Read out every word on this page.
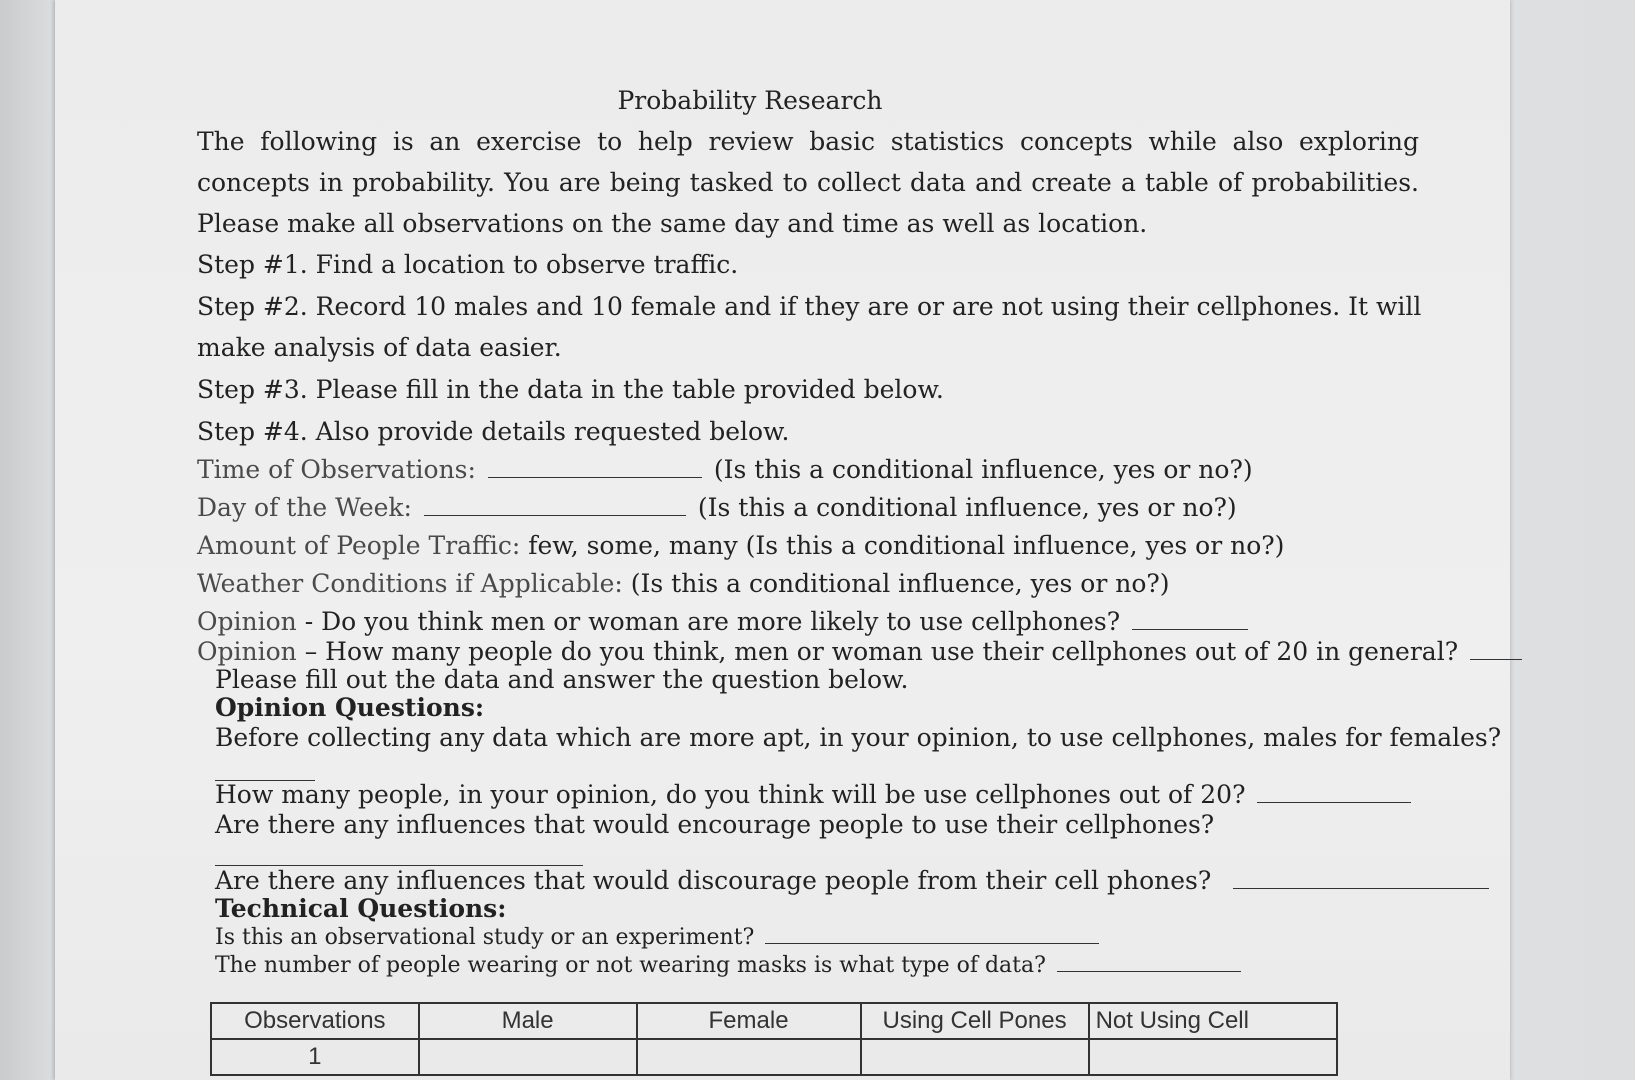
Probability Research
The following is an exercise to help review basic statistics concepts while also exploring concepts in probability. You are being tasked to collect data and create a table of probabilities. Please make all observations on the same day and time as well as location.
Step #1. Find a location to observe traffic.
Step #2. Record 10 males and 10 female and if they are or are not using their cellphones. It will
make analysis of data easier.
Step #3. Please fill in the data in the table provided below.
Step #4. Also provide details requested below.
Time of Observations:	(Is this a conditional influence, yes or no?)
Day of the Week:	(Is this a conditional influence, yes or no?)
Amount of People Traffic: few, some, many (Is this a conditional influence, yes or no?)
Weather Conditions if Applicable: (Is this a conditional influence, yes or no?)
Opinion - Do you think men or woman are more likely to use cellphones?
Opinion – How many people do you think, men or woman use their cellphones out of 20 in general?
Please fill out the data and answer the question below.
Opinion Questions:
Before collecting any data which are more apt, in your opinion, to use cellphones, males for females?
How many people, in your opinion, do you think will be use cellphones out of 20?
Are there any influences that would encourage people to use their cellphones?
Are there any influences that would discourage people from their cell phones?
Technical Questions:
Is this an observational study or an experiment?
The number of people wearing or not wearing masks is what type of data?
Observations	Male	Female	Using Cell Pones	Not Using Cell
1				
